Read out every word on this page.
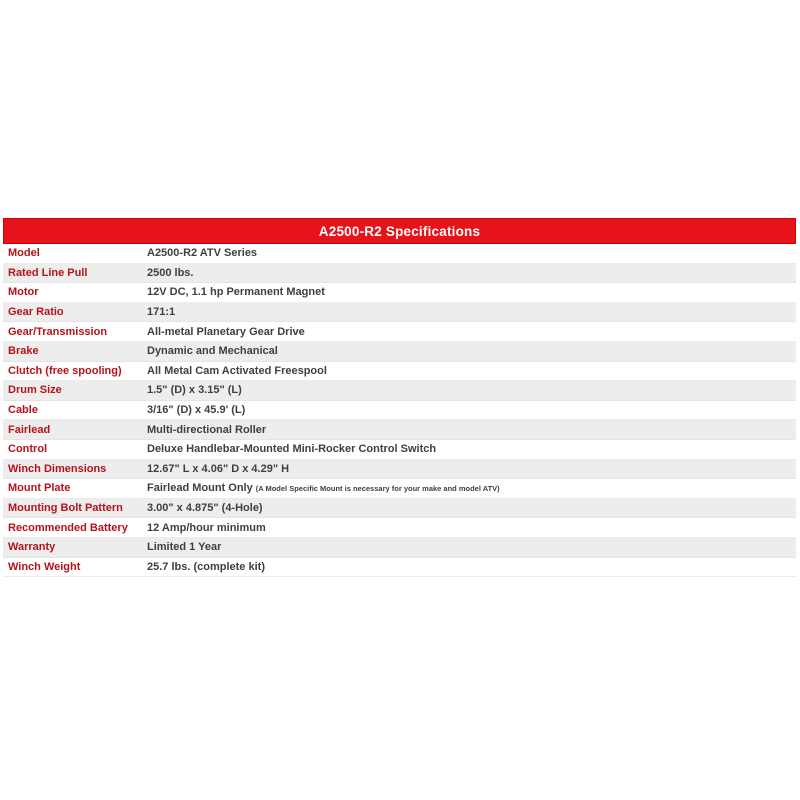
A2500-R2 Specifications
Model	A2500-R2 ATV Series
Rated Line Pull	2500 lbs.
Motor	12V DC, 1.1 hp Permanent Magnet
Gear Ratio	171:1
Gear/Transmission	All-metal Planetary Gear Drive
Brake	Dynamic and Mechanical
Clutch (free spooling)	All Metal Cam Activated Freespool
Drum Size	1.5" (D) x 3.15" (L)
Cable	3/16" (D) x 45.9' (L)
Fairlead	Multi-directional Roller
Control	Deluxe Handlebar-Mounted Mini-Rocker Control Switch
Winch Dimensions	12.67" L x 4.06" D x 4.29" H
Mount Plate	Fairlead Mount Only (A Model Specific Mount is necessary for your make and model ATV)
Mounting Bolt Pattern	3.00" x 4.875" (4-Hole)
Recommended Battery	12 Amp/hour minimum
Warranty	Limited 1 Year
Winch Weight	25.7 lbs. (complete kit)
